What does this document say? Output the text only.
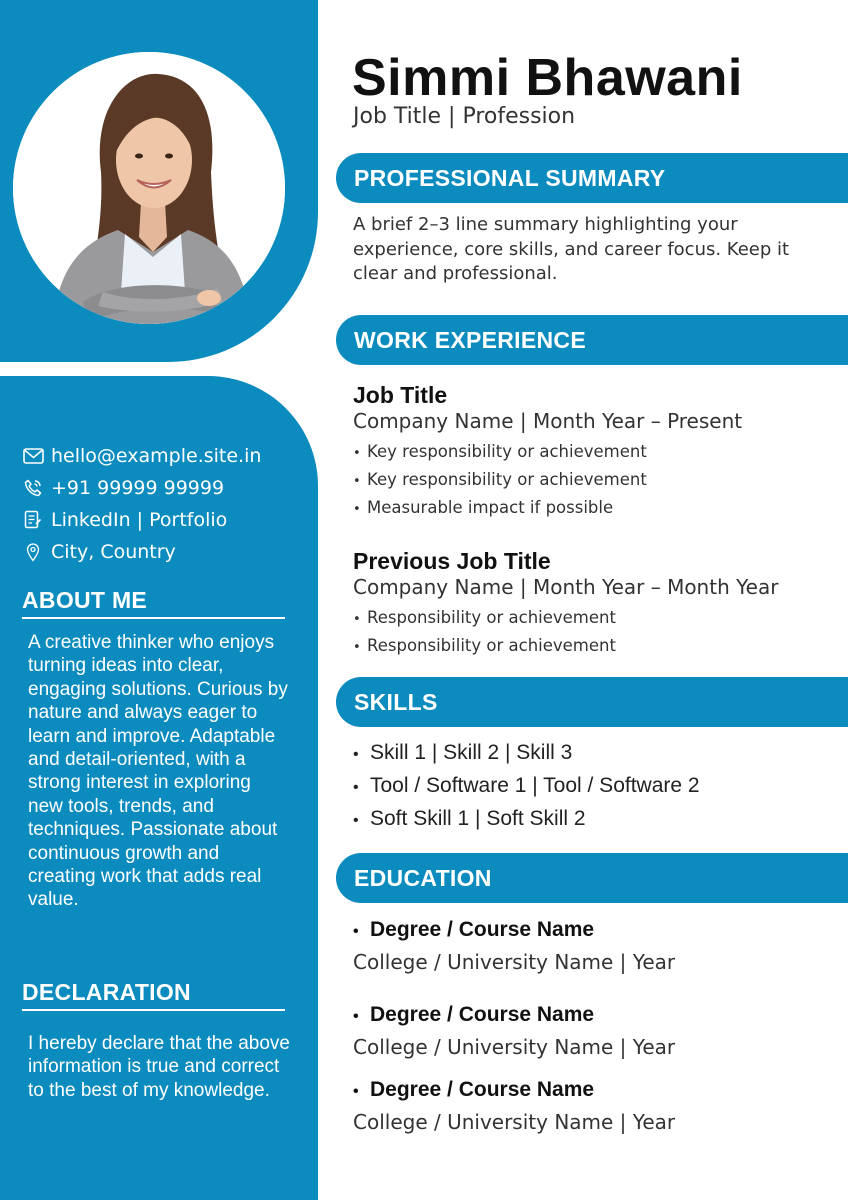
hello@example.site.in
+91 99999 99999
LinkedIn | Portfolio
City, Country
ABOUT ME
A creative thinker who enjoys turning ideas into clear, engaging solutions. Curious by nature and always eager to learn and improve. Adaptable and detail-oriented, with a strong interest in exploring new tools, trends, and techniques. Passionate about continuous growth and creating work that adds real value.
DECLARATION
I hereby declare that the above information is true and correct to the best of my knowledge.
Simmi Bhawani
Job Title | Profession
PROFESSIONAL SUMMARY
A brief 2–3 line summary highlighting your experience, core skills, and career focus. Keep it clear and professional.
WORK EXPERIENCE
Job Title
Company Name | Month Year – Present
• Key responsibility or achievement
• Key responsibility or achievement
• Measurable impact if possible
Previous Job Title
Company Name | Month Year – Month Year
• Responsibility or achievement
• Responsibility or achievement
SKILLS
• Skill 1 | Skill 2 | Skill 3
• Tool / Software 1 | Tool / Software 2
• Soft Skill 1 | Soft Skill 2
EDUCATION
• Degree / Course Name
College / University Name | Year
• Degree / Course Name
College / University Name | Year
• Degree / Course Name
College / University Name | Year
